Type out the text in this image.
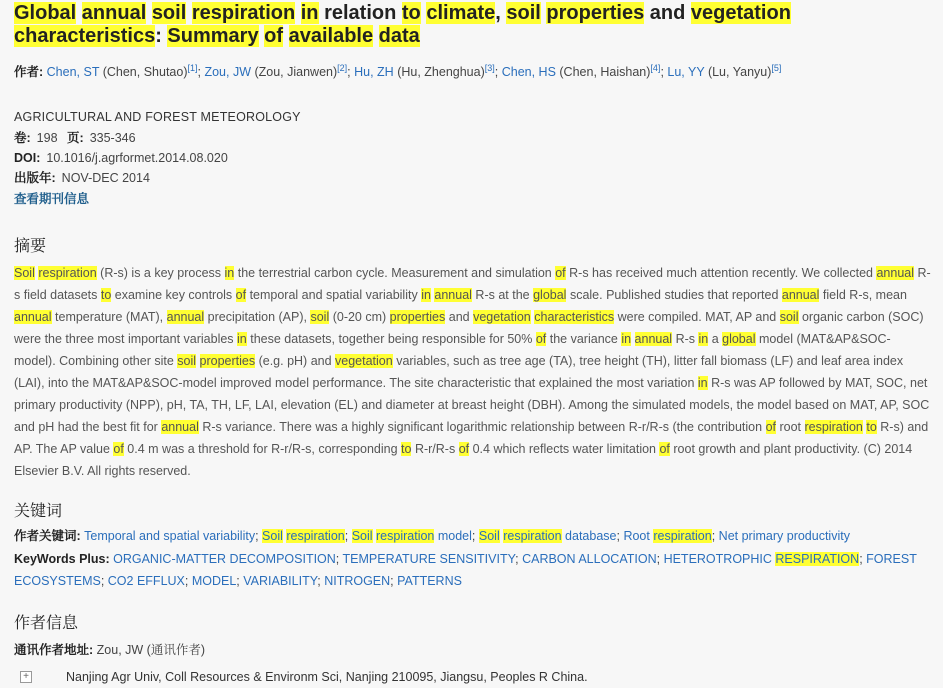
Global annual soil respiration in relation to climate, soil properties and vegetation characteristics: Summary of available data
作者: Chen, ST (Chen, Shutao)[1]; Zou, JW (Zou, Jianwen)[2]; Hu, ZH (Hu, Zhenghua)[3]; Chen, HS (Chen, Haishan)[4]; Lu, YY (Lu, Yanyu)[5]
AGRICULTURAL AND FOREST METEOROLOGY
卷: 198 页: 335-346
DOI: 10.1016/j.agrformet.2014.08.020
出版年: NOV-DEC 2014
查看期刊信息
摘要
Soil respiration (R-s) is a key process in the terrestrial carbon cycle. Measurement and simulation of R-s has received much attention recently. We collected annual R-s field datasets to examine key controls of temporal and spatial variability in annual R-s at the global scale. Published studies that reported annual field R-s, mean annual temperature (MAT), annual precipitation (AP), soil (0-20 cm) properties and vegetation characteristics were compiled. MAT, AP and soil organic carbon (SOC) were the three most important variables in these datasets, together being responsible for 50% of the variance in annual R-s in a global model (MAT&AP&SOC-model). Combining other site soil properties (e.g. pH) and vegetation variables, such as tree age (TA), tree height (TH), litter fall biomass (LF) and leaf area index (LAI), into the MAT&AP&SOC-model improved model performance. The site characteristic that explained the most variation in R-s was AP followed by MAT, SOC, net primary productivity (NPP), pH, TA, TH, LF, LAI, elevation (EL) and diameter at breast height (DBH). Among the simulated models, the model based on MAT, AP, SOC and pH had the best fit for annual R-s variance. There was a highly significant logarithmic relationship between R-r/R-s (the contribution of root respiration to R-s) and AP. The AP value of 0.4 m was a threshold for R-r/R-s, corresponding to R-r/R-s of 0.4 which reflects water limitation of root growth and plant productivity. (C) 2014 Elsevier B.V. All rights reserved.
关键词
作者关键词: Temporal and spatial variability; Soil respiration; Soil respiration model; Soil respiration database; Root respiration; Net primary productivity
KeyWords Plus: ORGANIC-MATTER DECOMPOSITION; TEMPERATURE SENSITIVITY; CARBON ALLOCATION; HETEROTROPHIC RESPIRATION; FOREST ECOSYSTEMS; CO2 EFFLUX; MODEL; VARIABILITY; NITROGEN; PATTERNS
作者信息
通讯作者地址: Zou, JW (通讯作者)
+	Nanjing Agr Univ, Coll Resources & Environm Sci, Nanjing 210095, Jiangsu, Peoples R China.
